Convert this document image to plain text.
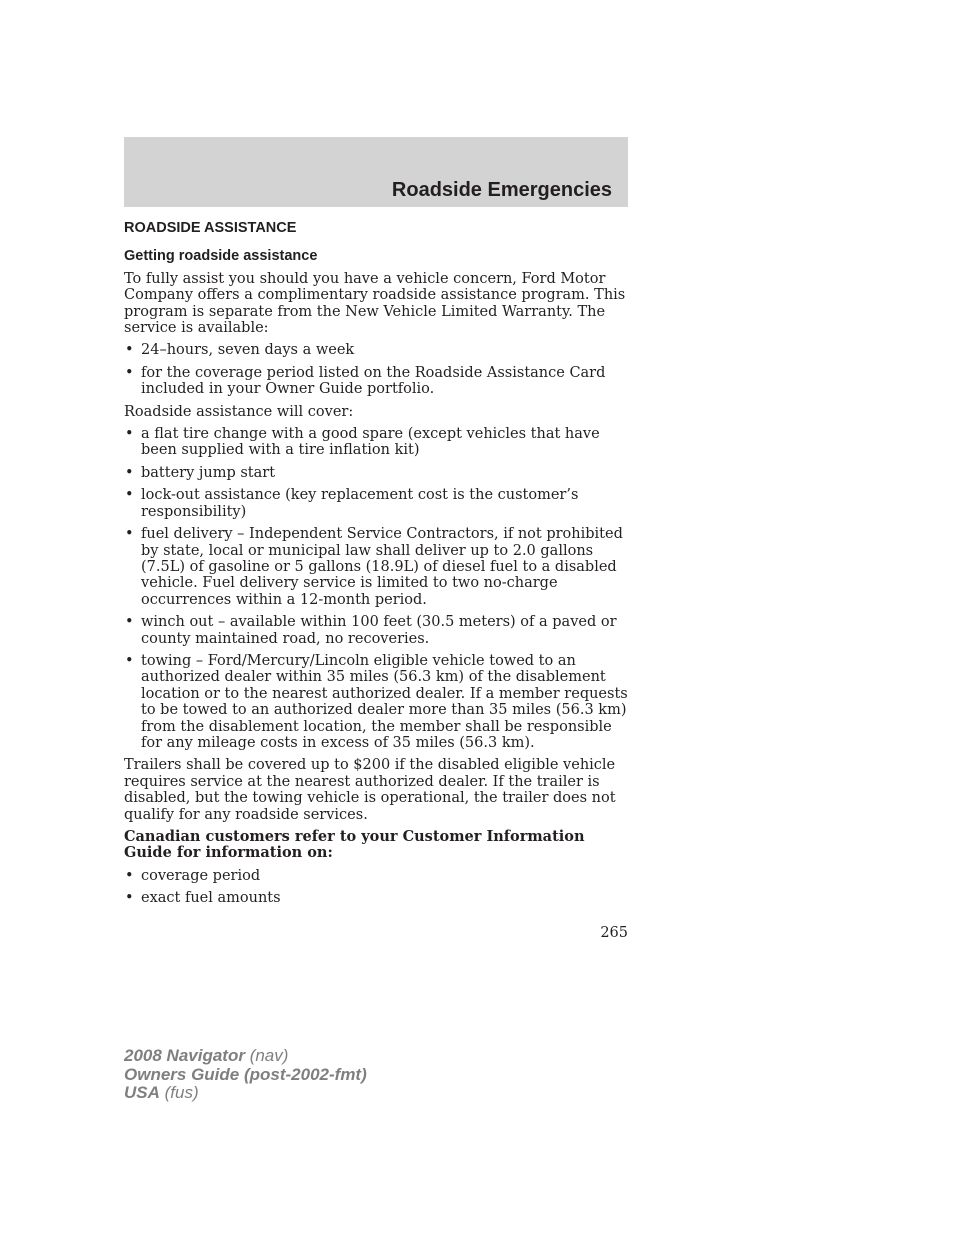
Roadside Emergencies
ROADSIDE ASSISTANCE
Getting roadside assistance

To fully assist you should you have a vehicle concern, Ford Motor Company offers a complimentary roadside assistance program. This program is separate from the New Vehicle Limited Warranty. The service is available:

• 24–hours, seven days a week
• for the coverage period listed on the Roadside Assistance Card included in your Owner Guide portfolio.

Roadside assistance will cover:

• a flat tire change with a good spare (except vehicles that have been supplied with a tire inflation kit)
• battery jump start
• lock-out assistance (key replacement cost is the customer’s responsibility)
• fuel delivery – Independent Service Contractors, if not prohibited by state, local or municipal law shall deliver up to 2.0 gallons (7.5L) of gasoline or 5 gallons (18.9L) of diesel fuel to a disabled vehicle. Fuel delivery service is limited to two no-charge occurrences within a 12-month period.
• winch out – available within 100 feet (30.5 meters) of a paved or county maintained road, no recoveries.
• towing – Ford/Mercury/Lincoln eligible vehicle towed to an authorized dealer within 35 miles (56.3 km) of the disablement location or to the nearest authorized dealer. If a member requests to be towed to an authorized dealer more than 35 miles (56.3 km) from the disablement location, the member shall be responsible for any mileage costs in excess of 35 miles (56.3 km).

Trailers shall be covered up to $200 if the disabled eligible vehicle requires service at the nearest authorized dealer. If the trailer is disabled, but the towing vehicle is operational, the trailer does not qualify for any roadside services.

Canadian customers refer to your Customer Information Guide for information on:

• coverage period
• exact fuel amounts

265

2008 Navigator (nav)
Owners Guide (post-2002-fmt)
USA (fus)
